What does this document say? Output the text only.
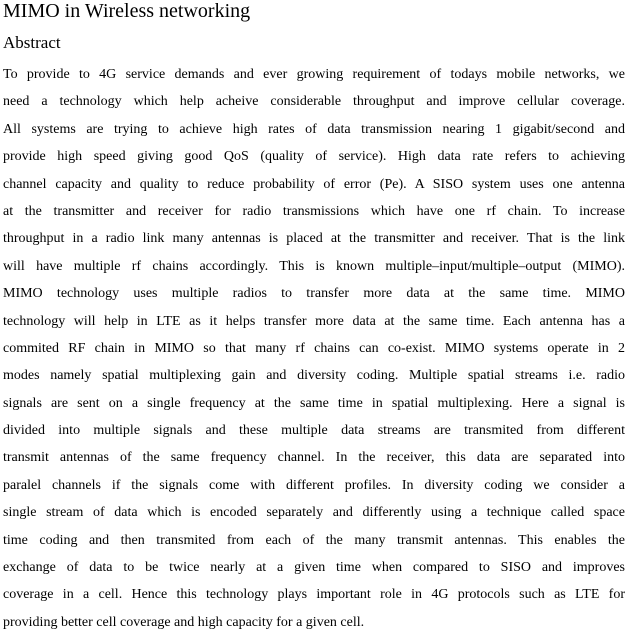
MIMO in Wireless networking
Abstract

To provide to 4G service demands and ever growing requirement of todays mobile networks, we
need a technology which help acheive considerable throughput and improve cellular coverage.
All systems are trying to achieve high rates of data transmission nearing 1 gigabit/second and
provide high speed giving good QoS (quality of service). High data rate refers to achieving
channel capacity and quality to reduce probability of error (Pe). A SISO system uses one antenna
at the transmitter and receiver for radio transmissions which have one rf chain. To increase
throughput in a radio link many antennas is placed at the transmitter and receiver. That is the link
will have multiple rf chains accordingly. This is known multiple–input/multiple–output (MIMO).
MIMO technology uses multiple radios to transfer more data at the same time. MIMO
technology will help in LTE as it helps transfer more data at the same time. Each antenna has a
commited RF chain in MIMO so that many rf chains can co-exist. MIMO systems operate in 2
modes namely spatial multiplexing gain and diversity coding. Multiple spatial streams i.e. radio
signals are sent on a single frequency at the same time in spatial multiplexing. Here a signal is
divided into multiple signals and these multiple data streams are transmited from different
transmit antennas of the same frequency channel. In the receiver, this data are separated into
paralel channels if the signals come with different profiles. In diversity coding we consider a
single stream of data which is encoded separately and differently using a technique called space
time coding and then transmited from each of the many transmit antennas. This enables the
exchange of data to be twice nearly at a given time when compared to SISO and improves
coverage in a cell. Hence this technology plays important role in 4G protocols such as LTE for
providing better cell coverage and high capacity for a given cell.
